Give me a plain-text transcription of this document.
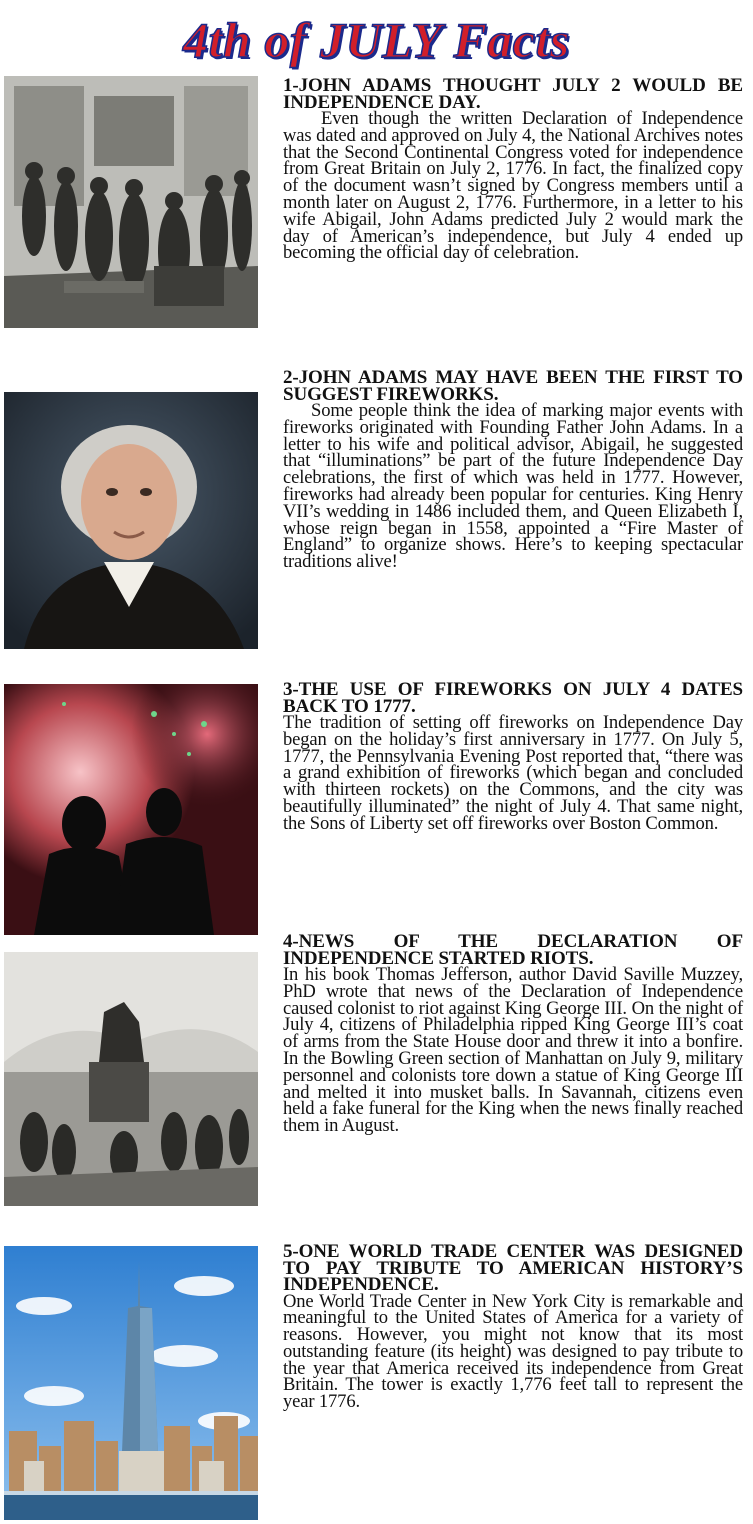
4th of JULY Facts

1-JOHN ADAMS THOUGHT JULY 2 WOULD BE INDEPENDENCE DAY.

Even though the written Declaration of Independence was dated and approved on July 4, the National Archives notes that the Second Continental Congress voted for independence from Great Britain on July 2, 1776. In fact, the finalized copy of the document wasn’t signed by Congress members until a month later on August 2, 1776. Furthermore, in a letter to his wife Abigail, John Adams predicted July 2 would mark the day of American’s independence, but July 4 ended up becoming the official day of celebration.

2-JOHN ADAMS MAY HAVE BEEN THE FIRST TO SUGGEST FIREWORKS.

Some people think the idea of marking major events with fireworks originated with Founding Father John Adams. In a letter to his wife and political advisor, Abigail, he suggested that “illuminations” be part of the future Independence Day celebrations, the first of which was held in 1777. However, fireworks had already been popular for centuries. King Henry VII’s wedding in 1486 included them, and Queen Elizabeth I, whose reign began in 1558, appointed a “Fire Master of England” to organize shows. Here’s to keeping spectacular traditions alive!

3-THE USE OF FIREWORKS ON JULY 4 DATES BACK TO 1777.

The tradition of setting off fireworks on Independence Day began on the holiday’s first anniversary in 1777. On July 5, 1777, the Pennsylvania Evening Post reported that, “there was a grand exhibition of fireworks (which began and concluded with thirteen rockets) on the Commons, and the city was beautifully illuminated” the night of July 4. That same night, the Sons of Liberty set off fireworks over Boston Common.

4-NEWS OF THE DECLARATION OF INDEPENDENCE STARTED RIOTS.

In his book Thomas Jefferson, author David Saville Muzzey, PhD wrote that news of the Declaration of Independence caused colonist to riot against King George III. On the night of July 4, citizens of Philadelphia ripped King George III’s coat of arms from the State House door and threw it into a bonfire. In the Bowling Green section of Manhattan on July 9, military personnel and colonists tore down a statue of King George III and melted it into musket balls. In Savannah, citizens even held a fake funeral for the King when the news finally reached them in August.

5-ONE WORLD TRADE CENTER WAS DESIGNED TO PAY TRIBUTE TO AMERICAN HISTORY’S INDEPENDENCE.

One World Trade Center in New York City is remarkable and meaningful to the United States of America for a variety of reasons. However, you might not know that its most outstanding feature (its height) was designed to pay tribute to the year that America received its independence from Great Britain. The tower is exactly 1,776 feet tall to represent the year 1776.
